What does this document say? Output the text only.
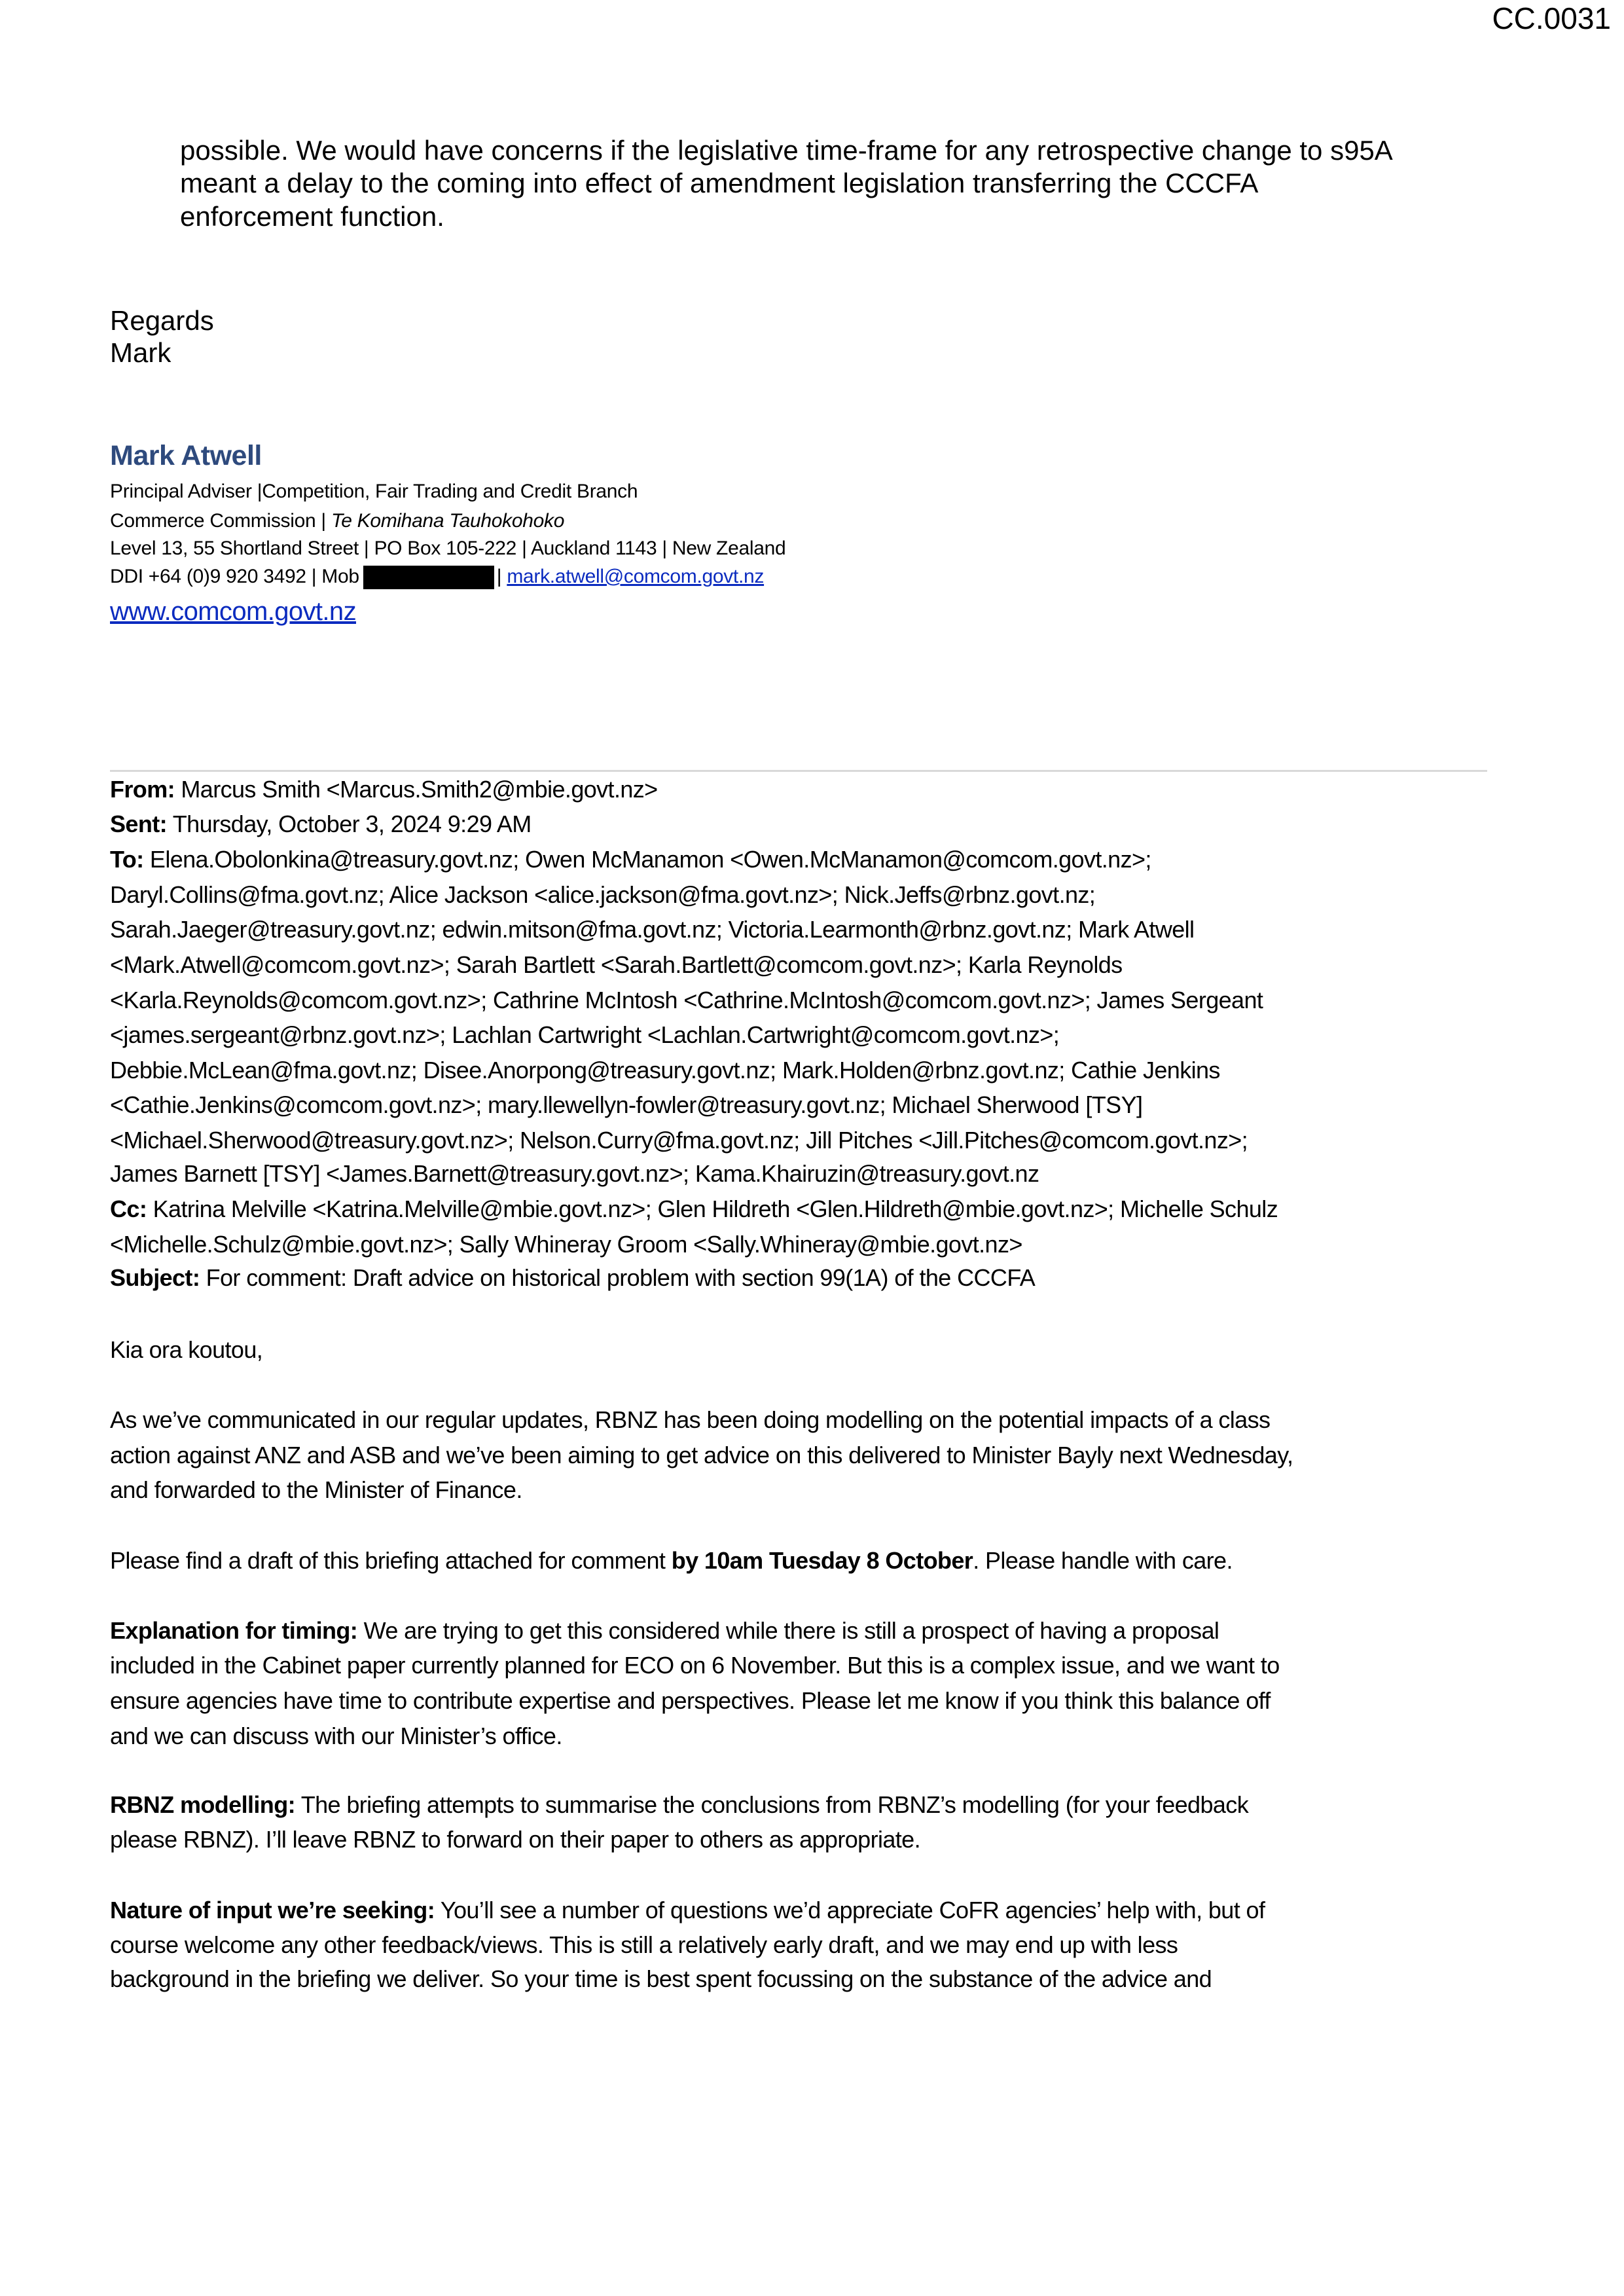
CC.0031
possible. We would have concerns if the legislative time-frame for any retrospective change to s95A
meant a delay to the coming into effect of amendment legislation transferring the CCCFA
enforcement function.
Regards
Mark
Mark Atwell
Principal Adviser |Competition, Fair Trading and Credit Branch
Commerce Commission | Te Komihana Tauhokohoko
Level 13, 55 Shortland Street | PO Box 105-222 | Auckland 1143 | New Zealand
DDI +64 (0)9 920 3492 | Mob	| mark.atwell@comcom.govt.nz
www.comcom.govt.nz
From: Marcus Smith <Marcus.Smith2@mbie.govt.nz>
Sent: Thursday, October 3, 2024 9:29 AM
To: Elena.Obolonkina@treasury.govt.nz; Owen McManamon <Owen.McManamon@comcom.govt.nz>;
Daryl.Collins@fma.govt.nz; Alice Jackson <alice.jackson@fma.govt.nz>; Nick.Jeffs@rbnz.govt.nz;
Sarah.Jaeger@treasury.govt.nz; edwin.mitson@fma.govt.nz; Victoria.Learmonth@rbnz.govt.nz; Mark Atwell
<Mark.Atwell@comcom.govt.nz>; Sarah Bartlett <Sarah.Bartlett@comcom.govt.nz>; Karla Reynolds
<Karla.Reynolds@comcom.govt.nz>; Cathrine McIntosh <Cathrine.McIntosh@comcom.govt.nz>; James Sergeant
<james.sergeant@rbnz.govt.nz>; Lachlan Cartwright <Lachlan.Cartwright@comcom.govt.nz>;
Debbie.McLean@fma.govt.nz; Disee.Anorpong@treasury.govt.nz; Mark.Holden@rbnz.govt.nz; Cathie Jenkins
<Cathie.Jenkins@comcom.govt.nz>; mary.llewellyn-fowler@treasury.govt.nz; Michael Sherwood [TSY]
<Michael.Sherwood@treasury.govt.nz>; Nelson.Curry@fma.govt.nz; Jill Pitches <Jill.Pitches@comcom.govt.nz>;
James Barnett [TSY] <James.Barnett@treasury.govt.nz>; Kama.Khairuzin@treasury.govt.nz
Cc: Katrina Melville <Katrina.Melville@mbie.govt.nz>; Glen Hildreth <Glen.Hildreth@mbie.govt.nz>; Michelle Schulz
<Michelle.Schulz@mbie.govt.nz>; Sally Whineray Groom <Sally.Whineray@mbie.govt.nz>
Subject: For comment: Draft advice on historical problem with section 99(1A) of the CCCFA
Kia ora koutou,
As we’ve communicated in our regular updates, RBNZ has been doing modelling on the potential impacts of a class
action against ANZ and ASB and we’ve been aiming to get advice on this delivered to Minister Bayly next Wednesday,
and forwarded to the Minister of Finance.
Please find a draft of this briefing attached for comment by 10am Tuesday 8 October. Please handle with care.
Explanation for timing: We are trying to get this considered while there is still a prospect of having a proposal
included in the Cabinet paper currently planned for ECO on 6 November. But this is a complex issue, and we want to
ensure agencies have time to contribute expertise and perspectives. Please let me know if you think this balance off
and we can discuss with our Minister’s office.
RBNZ modelling: The briefing attempts to summarise the conclusions from RBNZ’s modelling (for your feedback
please RBNZ). I’ll leave RBNZ to forward on their paper to others as appropriate.
Nature of input we’re seeking: You’ll see a number of questions we’d appreciate CoFR agencies’ help with, but of
course welcome any other feedback/views. This is still a relatively early draft, and we may end up with less
background in the briefing we deliver. So your time is best spent focussing on the substance of the advice and
